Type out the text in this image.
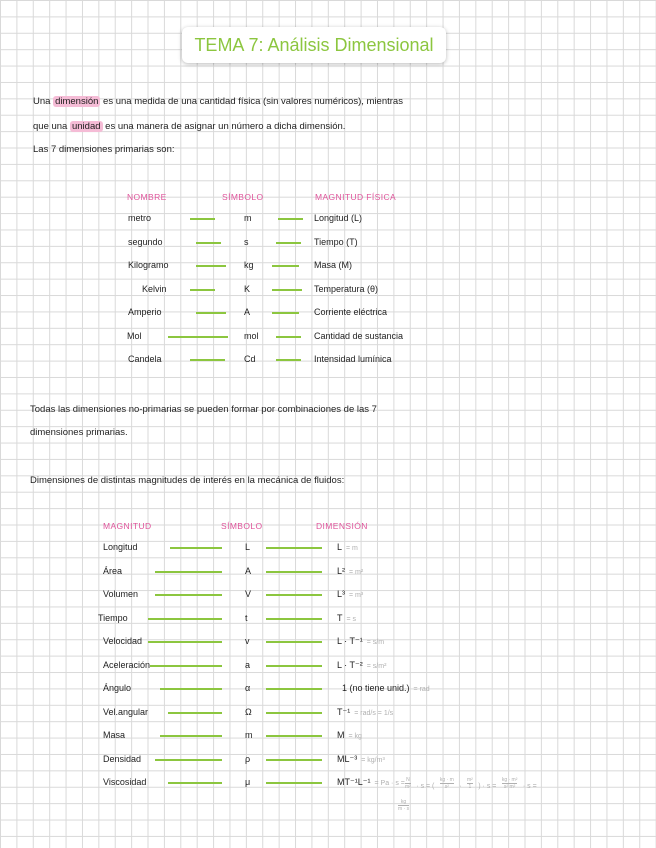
TEMA 7: Análisis Dimensional
Una dimensión es una medida de una cantidad física (sin valores numéricos), mientras
que una unidad es una manera de asignar un número a dicha dimensión.
Las 7 dimensiones primarias son:
NOMBRE	SÍMBOLO	MAGNITUD FÍSICA
metro	m	Longitud (L)
segundo	s	Tiempo (T)
Kilogramo	kg	Masa (M)
Kelvin	K	Temperatura (θ)
Amperio	A	Corriente eléctrica
Mol	mol	Cantidad de sustancia
Candela	Cd	Intensidad lumínica
Todas las dimensiones no-primarias se pueden formar por combinaciones de las 7
dimensiones primarias.
Dimensiones de distintas magnitudes de interés en la mecánica de fluidos:
MAGNITUD	SÍMBOLO	DIMENSIÓN
Longitud	L	L = m
Área	A	L² = m²
Volumen	V	L³ = m³
Tiempo	t	T = s
Velocidad	v	L · T⁻¹ = s/m
Aceleración	a	L · T⁻² = s/m²
Ángulo	α	1 (no tiene unid.) = rad
Vel.angular	Ω	T⁻¹ = rad/s = 1/s
Masa	m	M = kg
Densidad	ρ	ML⁻³ = kg/m³
Viscosidad	μ	$MT^{-1}L^{-1} = Pa \cdot s = \frac{N}{\text{m²}} \cdot s$ = ( $\frac{kg \cdot m}{\text{s²}} \cdot \frac{\text{m²}}{1}$ ) · $s = \frac{\text{kg · m²}}{\text{s² m²}} \cdot s$ =
$\frac{kg}{m \cdot s}$
